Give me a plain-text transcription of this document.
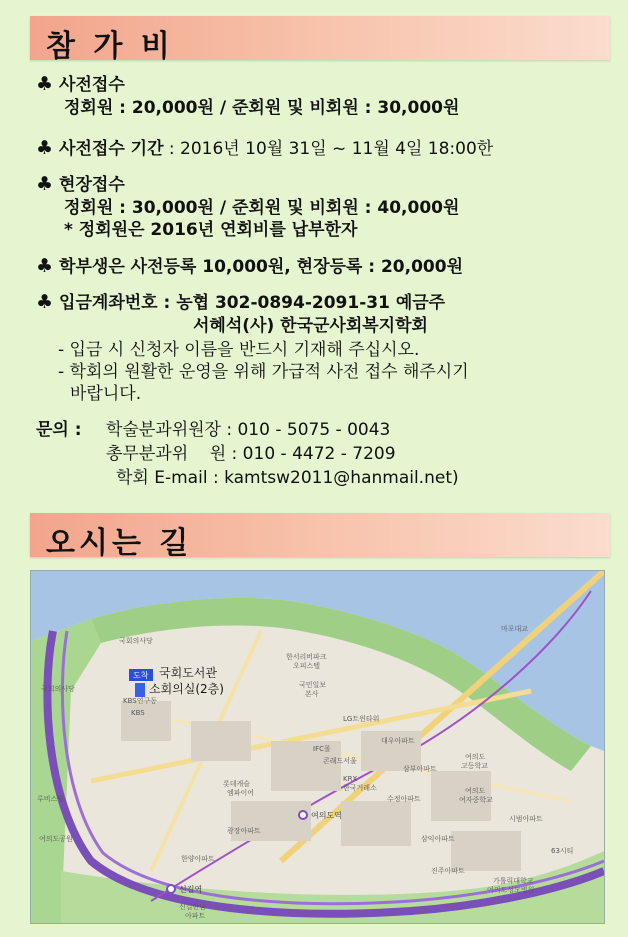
참 가 비
♣ 사전접수
정회원 : 20,000원 / 준회원 및 비회원 : 30,000원
♣ 사전접수 기간 : 2016년 10월 31일 ~ 11월 4일 18:00한
♣ 현장접수
정회원 : 30,000원 / 준회원 및 비회원 : 40,000원
* 정회원은 2016년 연회비를 납부한자
♣ 학부생은 사전등록 10,000원, 현장등록 : 20,000원
♣ 입금계좌번호 : 농협 302-0894-2091-31 예금주
서혜석(사) 한국군사회복지학회
- 입금 시 신청자 이름을 반드시 기재해 주십시오.
- 학회의 원활한 운영을 위해 가급적 사전 접수 해주시기
바랍니다.
문의 : 학술분과위원장 : 010 - 5075 - 0043
총무분과위    원 : 010 - 4472 - 7209
학회 E-mail : kamtsw2011@hanmail.net)
오시는 길
국회의사당
KBS연구동
KBS
한서리버파크
오피스텔
국민일보
본사
LG트윈타워
대우아파트
IFC몰
콘래드서울
KRX
한국거래소
삼부아파트
여의도
고등학교
여의도
여자중학교
시범아파트
수정아파트
롯데캐슬
엠파이어
광장아파트
삼익아파트
진주아파트
63시티
가톨릭대학교
여의도성모병원
신길한남
아파트
마포대교
루비스틸
한양아파트
국회의사당
여의도공원
여의도역
신길역
도착 국회도서관
소회의실(2층)
